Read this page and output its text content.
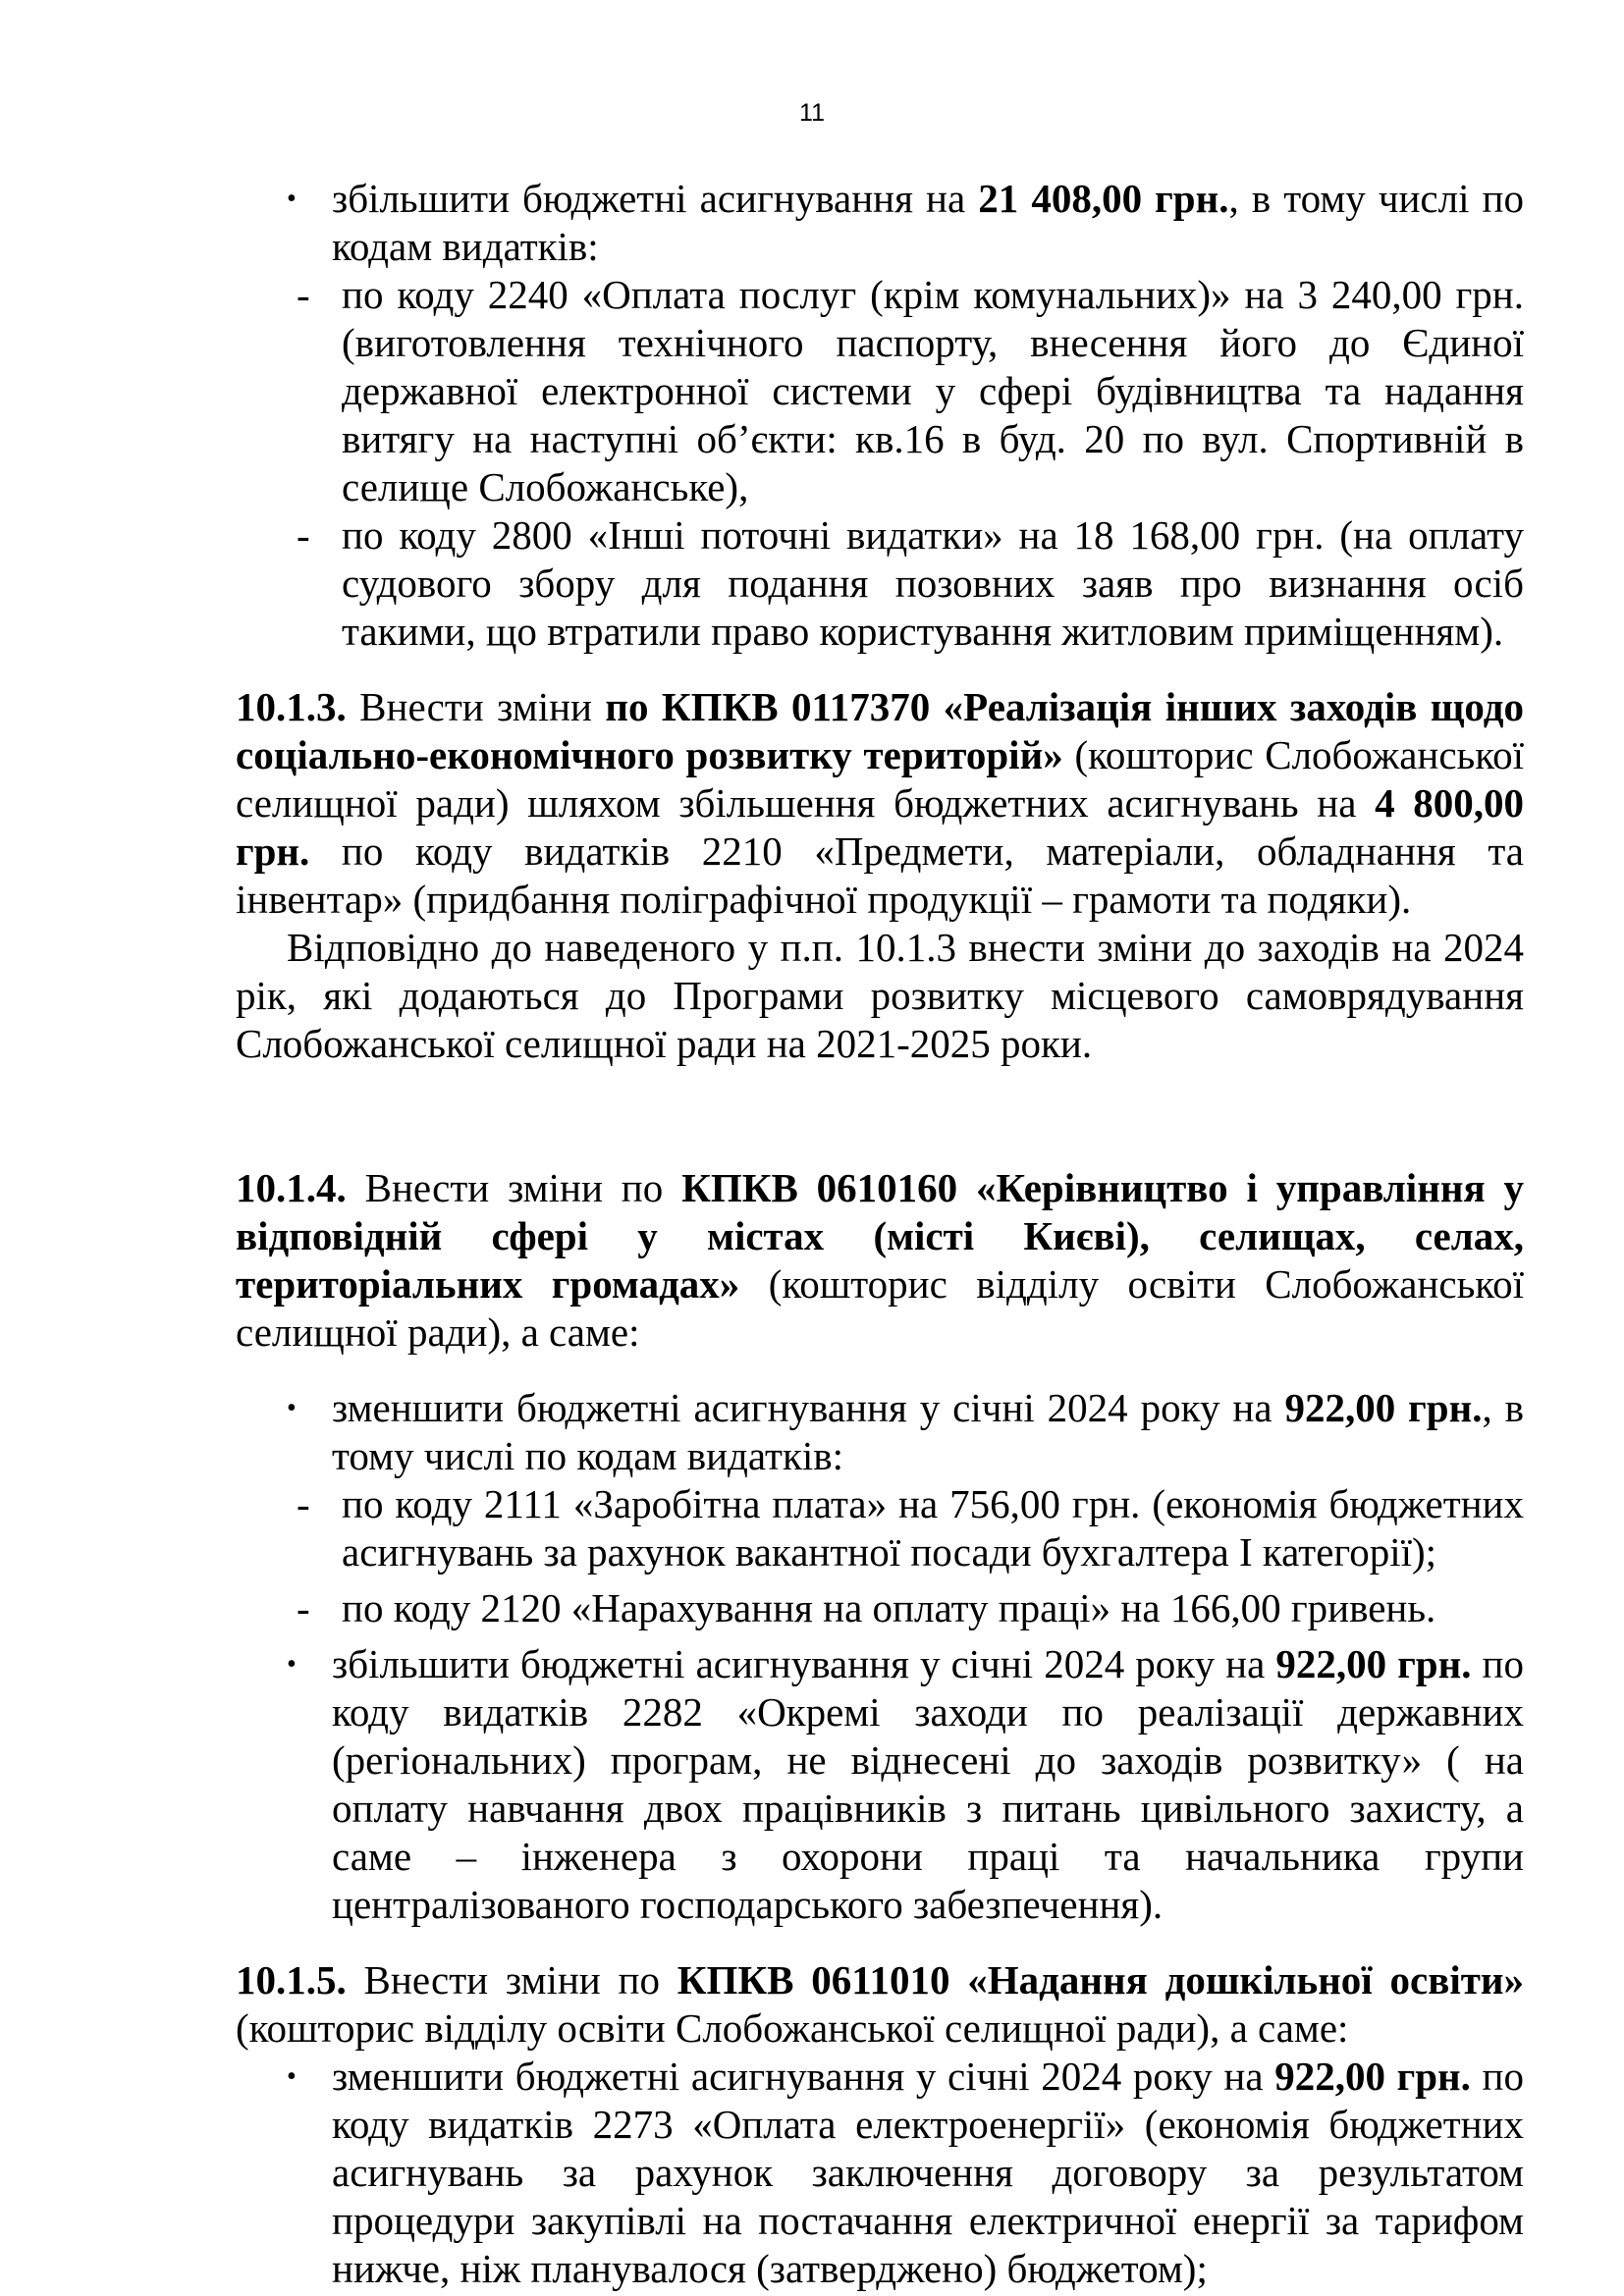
11
• збільшити бюджетні асигнування на 21 408,00 грн., в тому числі по кодам видатків:
- по коду 2240 «Оплата послуг (крім комунальних)» на 3 240,00 грн. (виготовлення технічного паспорту, внесення його до Єдиної державної електронної системи у сфері будівництва та надання витягу на наступні об’єкти: кв.16 в буд. 20 по вул. Спортивній в селище Слобожанське),
- по коду 2800 «Інші поточні видатки» на 18 168,00 грн. (на оплату судового збору для подання позовних заяв про визнання осіб такими, що втратили право користування житловим приміщенням).

10.1.3. Внести зміни по КПКВ 0117370 «Реалізація інших заходів щодо соціально-економічного розвитку територій» (кошторис Слобожанської селищної ради) шляхом збільшення бюджетних асигнувань на 4 800,00 грн. по коду видатків 2210 «Предмети, матеріали, обладнання та інвентар» (придбання поліграфічної продукції – грамоти та подяки).

Відповідно до наведеного у п.п. 10.1.3 внести зміни до заходів на 2024 рік, які додаються до Програми розвитку місцевого самоврядування Слобожанської селищної ради на 2021-2025 роки.

10.1.4. Внести зміни по КПКВ 0610160 «Керівництво і управління у відповідній сфері у містах (місті Києві), селищах, селах, територіальних громадах» (кошторис відділу освіти Слобожанської селищної ради), а саме:

• зменшити бюджетні асигнування у січні 2024 року на 922,00 грн., в тому числі по кодам видатків:
- по коду 2111 «Заробітна плата» на 756,00 грн. (економія бюджетних асигнувань за рахунок вакантної посади бухгалтера І категорії);
- по коду 2120 «Нарахування на оплату праці» на 166,00 гривень.
• збільшити бюджетні асигнування у січні 2024 року на 922,00 грн. по коду видатків 2282 «Окремі заходи по реалізації державних (регіональних) програм, не віднесені до заходів розвитку» ( на оплату навчання двох працівників з питань цивільного захисту, а саме – інженера з охорони праці та начальника групи централізованого господарського забезпечення).

10.1.5. Внести зміни по КПКВ 0611010 «Надання дошкільної освіти» (кошторис відділу освіти Слобожанської селищної ради), а саме:

• зменшити бюджетні асигнування у січні 2024 року на 922,00 грн. по коду видатків 2273 «Оплата електроенергії» (економія бюджетних асигнувань за рахунок заключення договору за результатом процедури закупівлі на постачання електричної енергії за тарифом нижче, ніж планувалося (затверджено) бюджетом);
